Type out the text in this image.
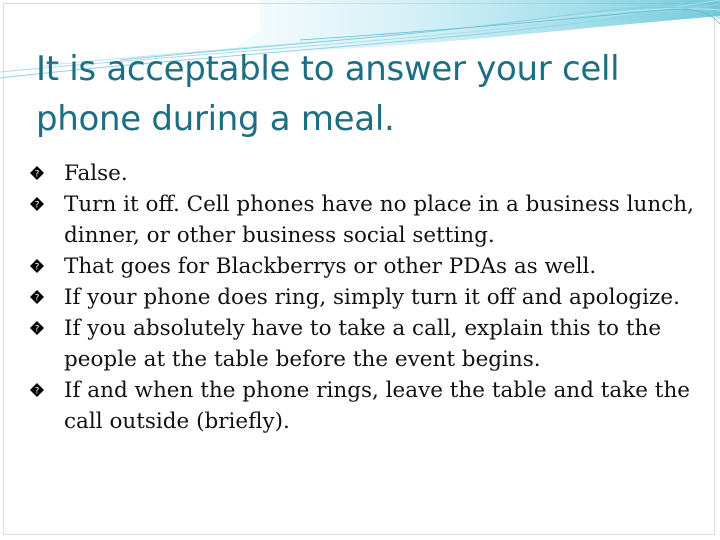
It is acceptable to answer your cell phone during a meal.
? False.
? Turn it off. Cell phones have no place in a business lunch, dinner, or other business social setting.
? That goes for Blackberrys or other PDAs as well.
? If your phone does ring, simply turn it off and apologize.
? If you absolutely have to take a call, explain this to the people at the table before the event begins.
? If and when the phone rings, leave the table and take the call outside (briefly).
